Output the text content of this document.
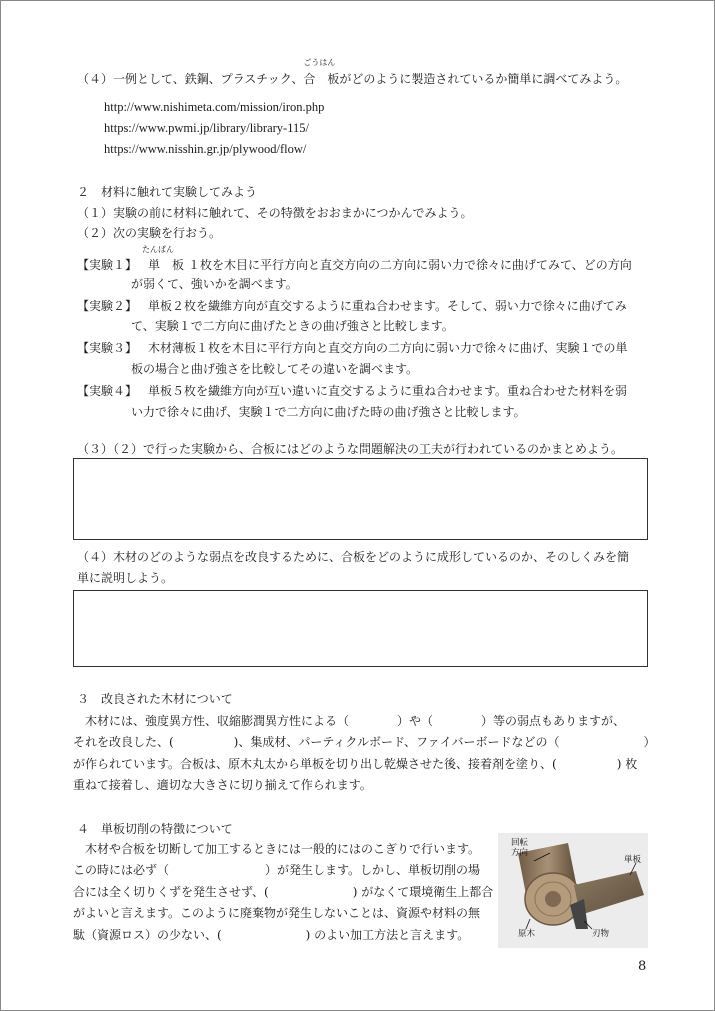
（４）一例として、鉄鋼、プラスチック、
ごうはん
合　板がどのように製造されているか簡単に調べてみよう。
http://www.nishimeta.com/mission/iron.php
https://www.pwmi.jp/library/library-115/
https://www.nisshin.gr.jp/plywood/flow/
２　材料に触れて実験してみよう
（１）実験の前に材料に触れて、その特徴をおおまかにつかんでみよう。
（２）次の実験を行おう。
【実験１】
たんぱん
単　板 １枚を木目に平行方向と直交方向の二方向に弱い力で徐々に曲げてみて、どの方向
が弱くて、強いかを調べます。
【実験２】 単板２枚を繊維方向が直交するように重ね合わせます。そして、弱い力で徐々に曲げてみ
て、実験１で二方向に曲げたときの曲げ強さと比較します。
【実験３】 木材薄板１枚を木目に平行方向と直交方向の二方向に弱い力で徐々に曲げ、実験１での単
板の場合と曲げ強さを比較してその違いを調べます。
【実験４】 単板５枚を繊維方向が互い違いに直交するように重ね合わせます。重ね合わせた材料を弱
い力で徐々に曲げ、実験１で二方向に曲げた時の曲げ強さと比較します。
（３）（２）で行った実験から、合板にはどのような問題解決の工夫が行われているのかまとめよう。
（４）木材のどのような弱点を改良するために、合板をどのように成形しているのか、そのしくみを簡
単に説明しよう。
３　改良された木材について
木材には、強度異方性、収縮膨潤異方性による（　　　　）や（　　　　）等の弱点もありますが、
それを改良した、(　　　　　)、集成材、パーティクルボード、ファイバーボードなどの（　　　　　　　）
が作られています。合板は、原木丸太から単板を切り出し乾燥させた後、接着剤を塗り、(　　　　　) 枚
重ねて接着し、適切な大きさに切り揃えて作られます。
４　単板切削の特徴について
木材や合板を切断して加工するときには一般的にはのこぎりで行います。
この時には必ず（　　　　　　　　）が発生します。しかし、単板切削の場
合には全く切りくずを発生させず、(　　　　　　　) がなくて環境衛生上都合
がよいと言えます。このように廃棄物が発生しないことは、資源や材料の無
駄（資源ロス）の少ない、(　　　　　　　) のよい加工方法と言えます。
回転
方向
単板
原木	刃物
8
